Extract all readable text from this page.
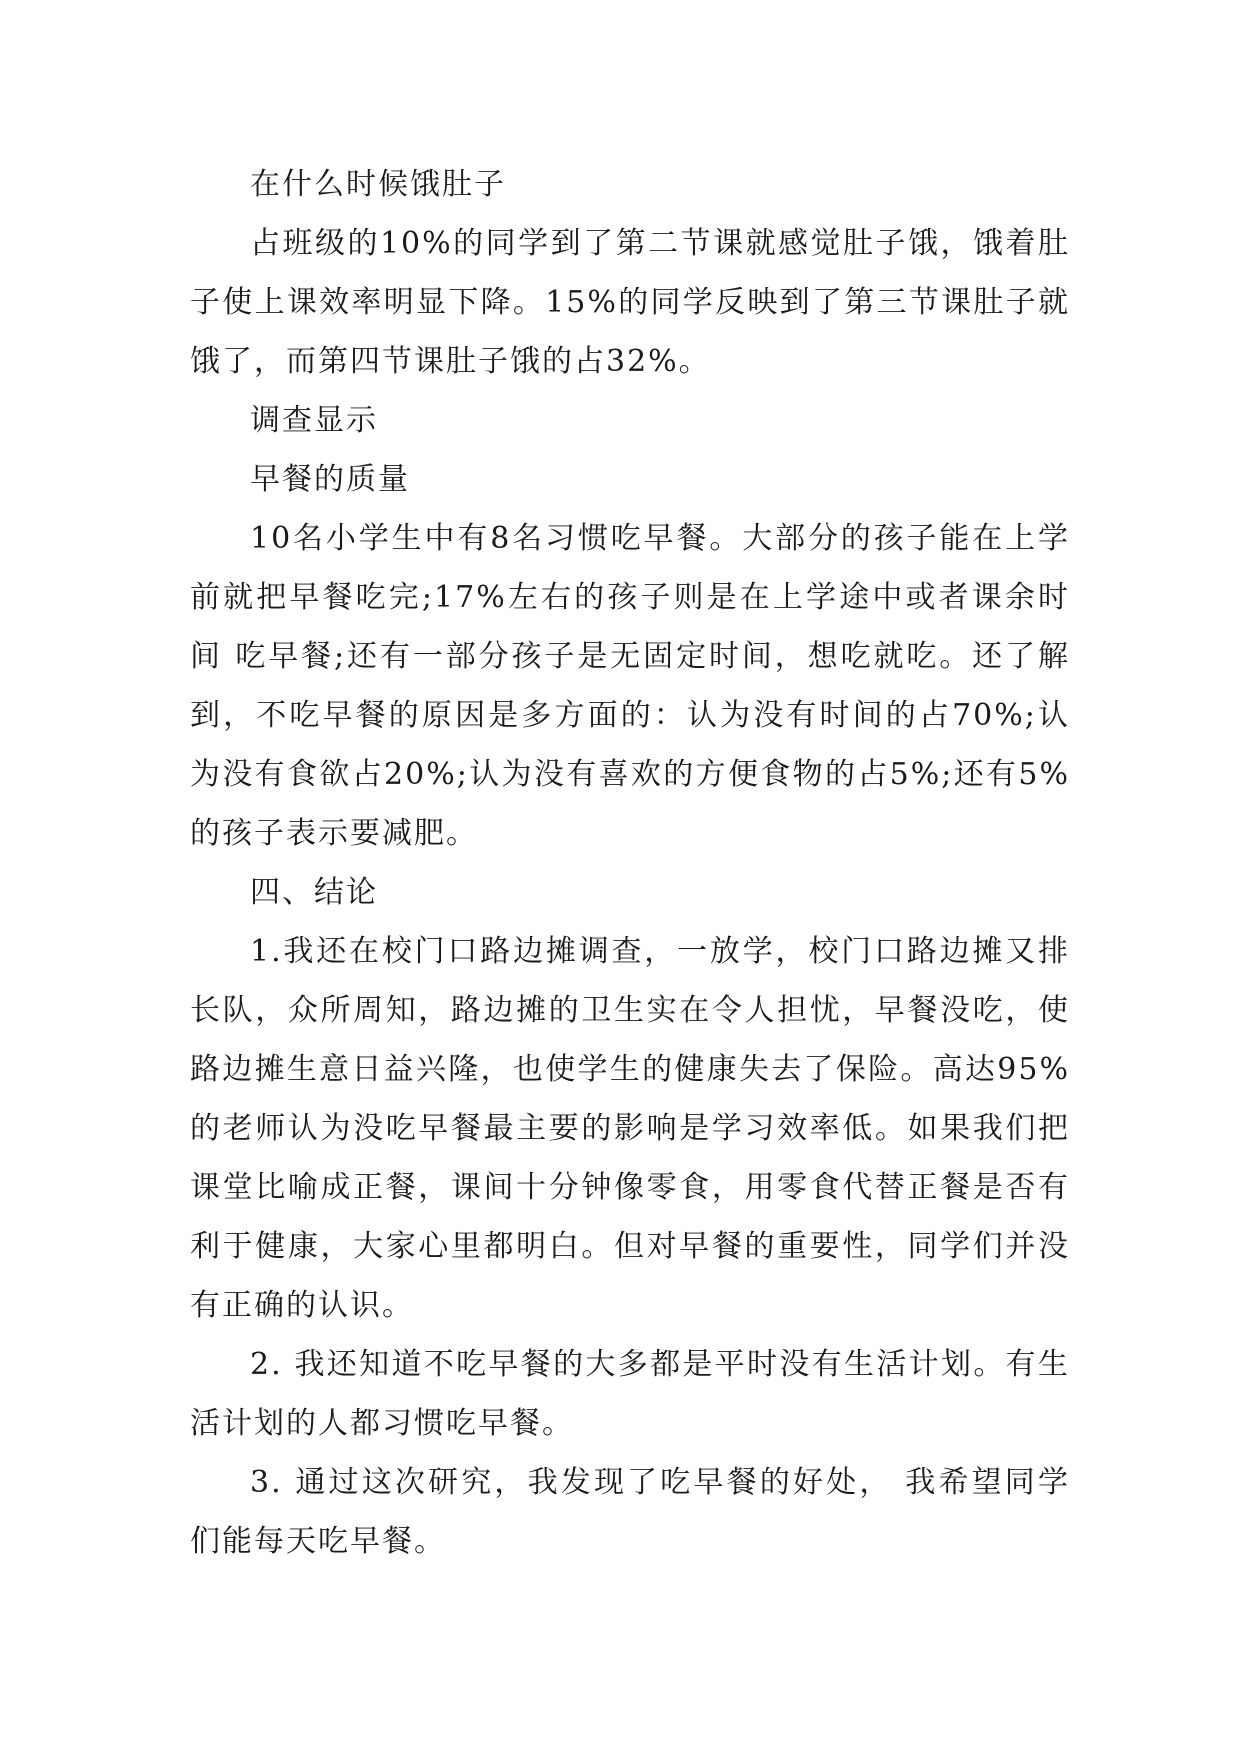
在什么时候饿肚子

占班级的10%的同学到了第二节课就感觉肚子饿，饿着肚子使上课效率明显下降。15%的同学反映到了第三节课肚子就饿了，而第四节课肚子饿的占32%。

调查显示

早餐的质量

10名小学生中有8名习惯吃早餐。大部分的孩子能在上学前就把早餐吃完;17%左右的孩子则是在上学途中或者课余时间 吃早餐;还有一部分孩子是无固定时间，想吃就吃。还了解到，不吃早餐的原因是多方面的：认为没有时间的占70%;认为没有食欲占20%;认为没有喜欢的方便食物的占5%;还有5%的孩子表示要减肥。

四、结论

1.我还在校门口路边摊调查，一放学，校门口路边摊又排长队，众所周知，路边摊的卫生实在令人担忧，早餐没吃，使路边摊生意日益兴隆，也使学生的健康失去了保险。高达95%的老师认为没吃早餐最主要的影响是学习效率低。如果我们把课堂比喻成正餐，课间十分钟像零食，用零食代替正餐是否有利于健康，大家心里都明白。但对早餐的重要性，同学们并没有正确的认识。

2. 我还知道不吃早餐的大多都是平时没有生活计划。有生活计划的人都习惯吃早餐。

3. 通过这次研究，我发现了吃早餐的好处， 我希望同学们能每天吃早餐。
